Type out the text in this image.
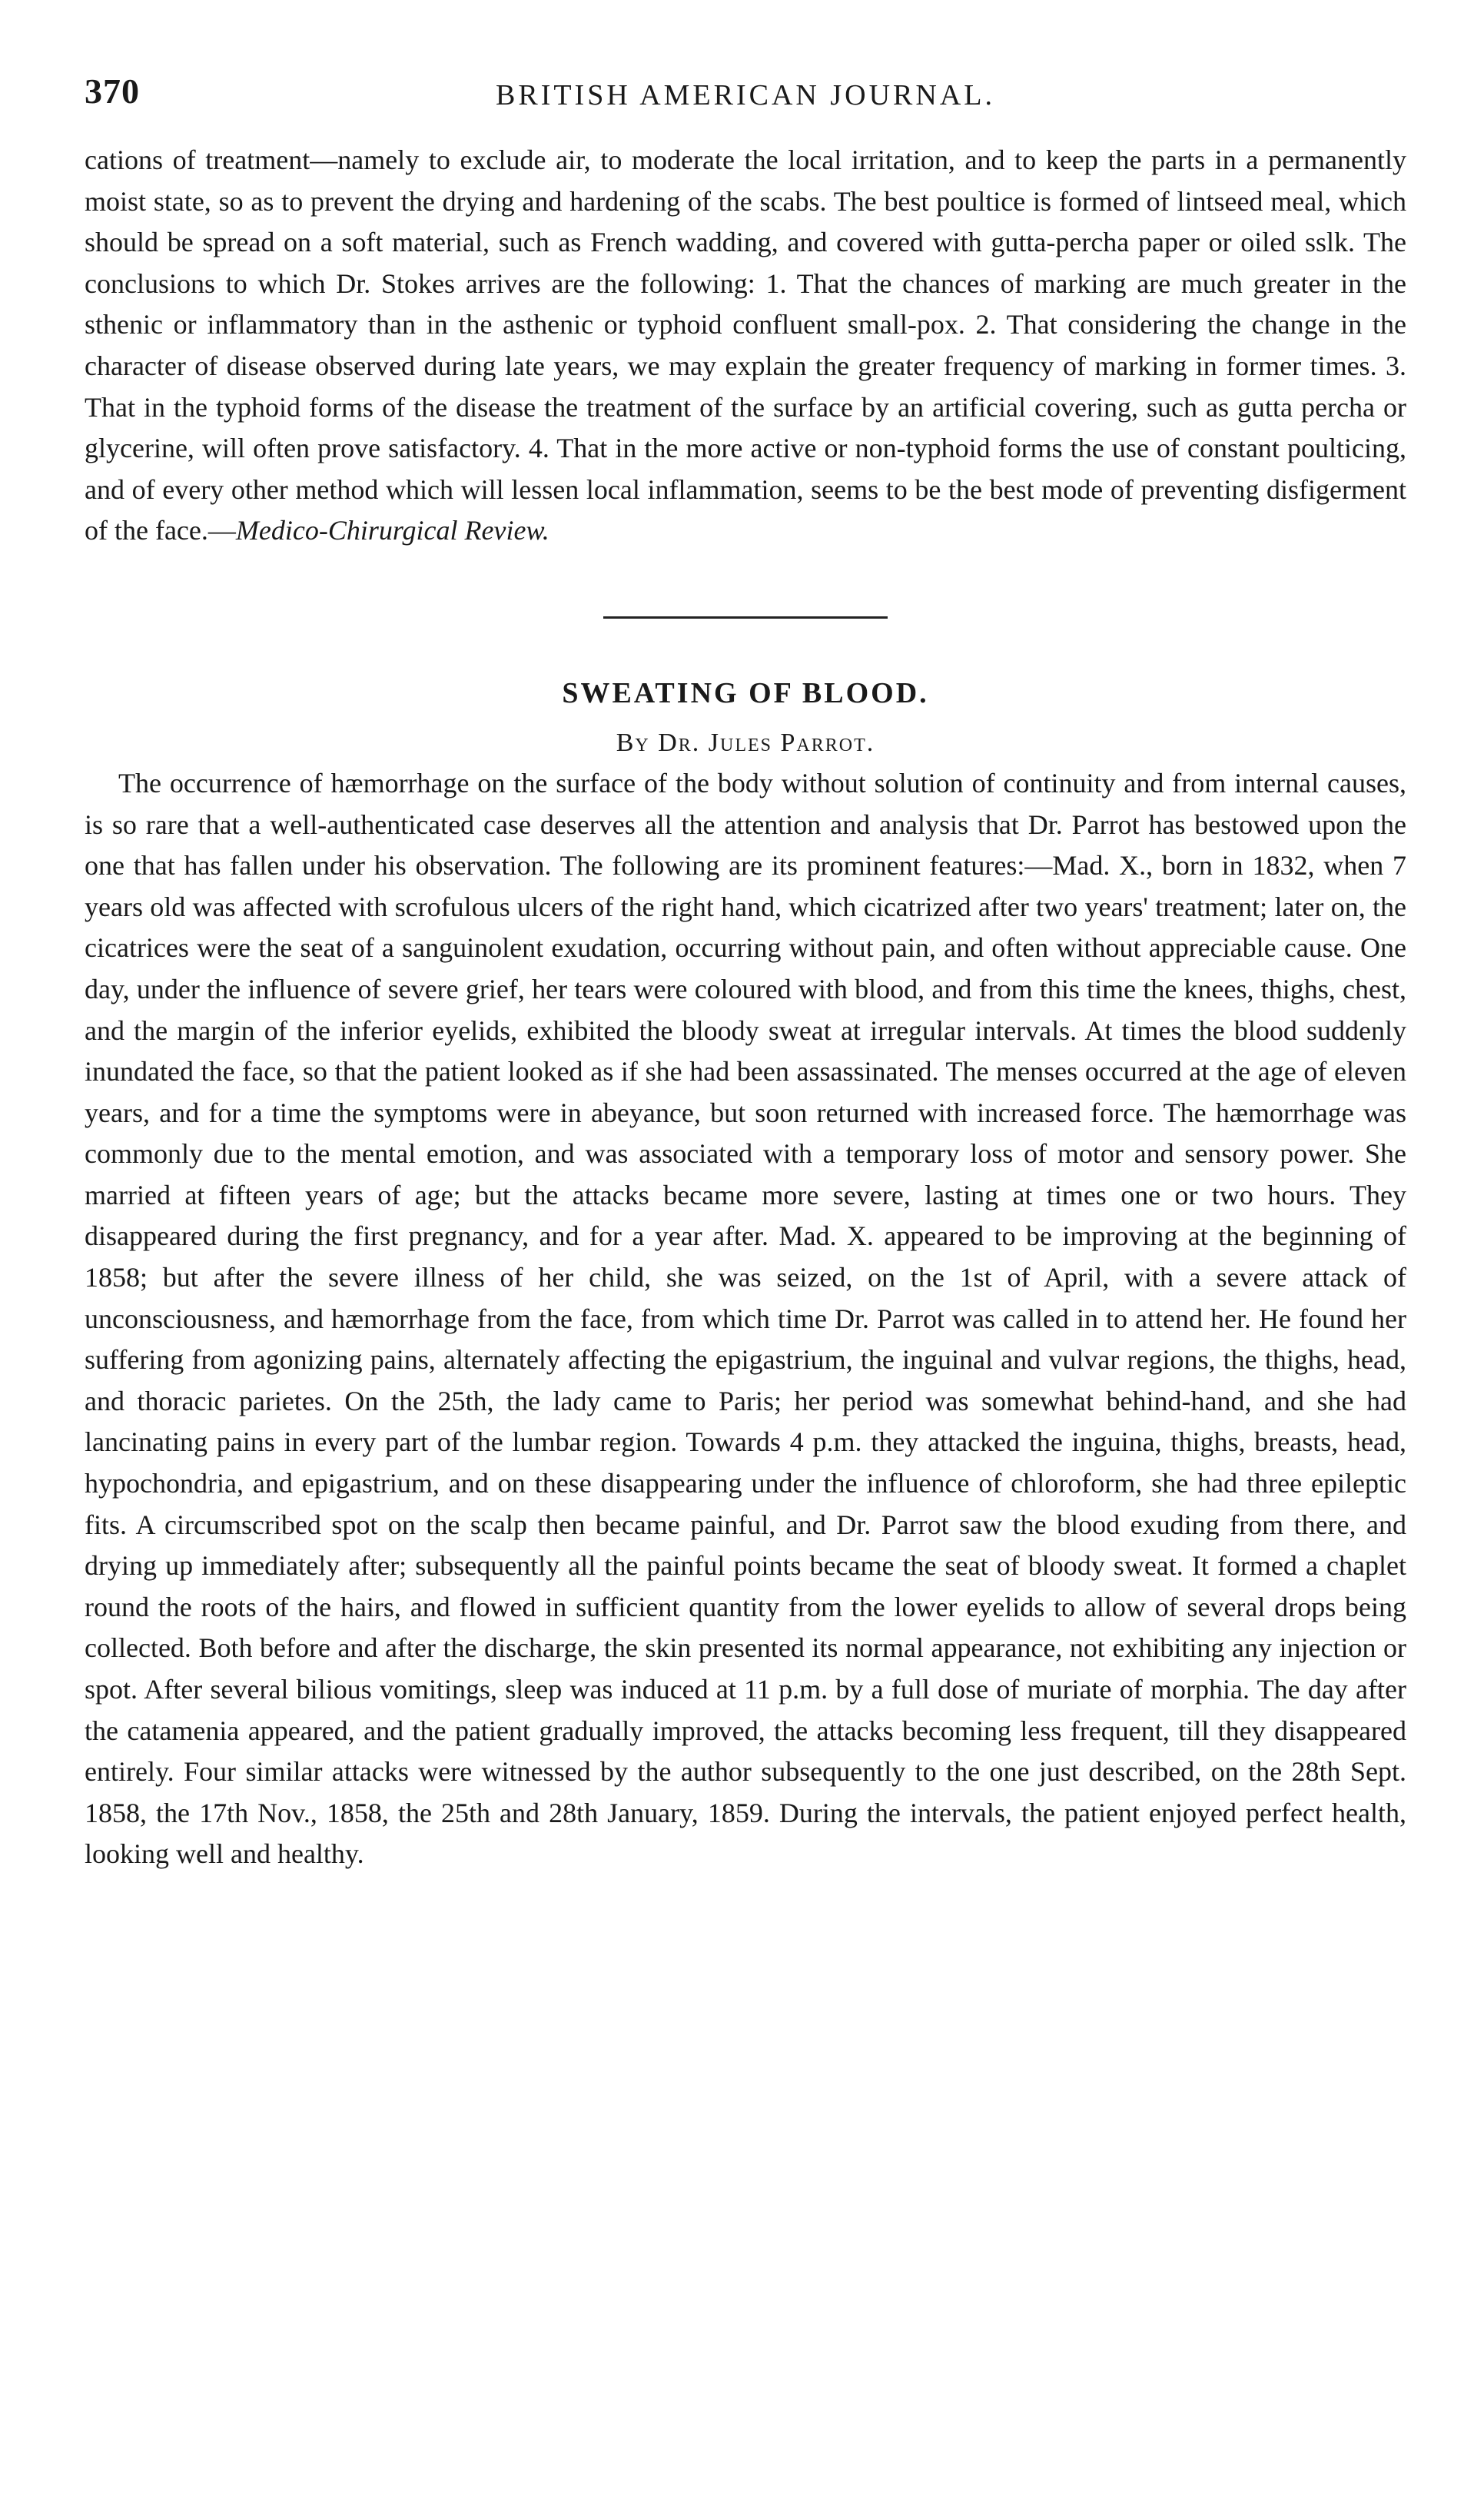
370	BRITISH AMERICAN JOURNAL.

cations of treatment—namely to exclude air, to moderate the local irritation, and to keep the parts in a permanently moist state, so as to prevent the drying and hardening of the scabs. The best poultice is formed of lintseed meal, which should be spread on a soft material, such as French wadding, and covered with gutta-percha paper or oiled sslk. The conclusions to which Dr. Stokes arrives are the following: 1. That the chances of marking are much greater in the sthenic or inflammatory than in the asthenic or typhoid confluent small-pox. 2. That considering the change in the character of disease observed during late years, we may explain the greater frequency of marking in former times. 3. That in the typhoid forms of the disease the treatment of the surface by an artificial covering, such as gutta percha or glycerine, will often prove satisfactory. 4. That in the more active or non-typhoid forms the use of constant poulticing, and of every other method which will lessen local inflammation, seems to be the best mode of preventing disfigerment of the face.—Medico-Chirurgical Review.

SWEATING OF BLOOD.
By Dr. Jules Parrot.

The occurrence of hæmorrhage on the surface of the body without solution of continuity and from internal causes, is so rare that a well-authenticated case deserves all the attention and analysis that Dr. Parrot has bestowed upon the one that has fallen under his observation. The following are its prominent features:—Mad. X., born in 1832, when 7 years old was affected with scrofulous ulcers of the right hand, which cicatrized after two years' treatment; later on, the cicatrices were the seat of a sanguinolent exudation, occurring without pain, and often without appreciable cause. One day, under the influence of severe grief, her tears were coloured with blood, and from this time the knees, thighs, chest, and the margin of the inferior eyelids, exhibited the bloody sweat at irregular intervals. At times the blood suddenly inundated the face, so that the patient looked as if she had been assassinated. The menses occurred at the age of eleven years, and for a time the symptoms were in abeyance, but soon returned with increased force. The hæmorrhage was commonly due to the mental emotion, and was associated with a temporary loss of motor and sensory power. She married at fifteen years of age; but the attacks became more severe, lasting at times one or two hours. They disappeared during the first pregnancy, and for a year after. Mad. X. appeared to be improving at the beginning of 1858; but after the severe illness of her child, she was seized, on the 1st of April, with a severe attack of unconsciousness, and hæmorrhage from the face, from which time Dr. Parrot was called in to attend her. He found her suffering from agonizing pains, alternately affecting the epigastrium, the inguinal and vulvar regions, the thighs, head, and thoracic parietes. On the 25th, the lady came to Paris; her period was somewhat behind-hand, and she had lancinating pains in every part of the lumbar region. Towards 4 p.m. they attacked the inguina, thighs, breasts, head, hypochondria, and epigastrium, and on these disappearing under the influence of chloroform, she had three epileptic fits. A circumscribed spot on the scalp then became painful, and Dr. Parrot saw the blood exuding from there, and drying up immediately after; subsequently all the painful points became the seat of bloody sweat. It formed a chaplet round the roots of the hairs, and flowed in sufficient quantity from the lower eyelids to allow of several drops being collected. Both before and after the discharge, the skin presented its normal appearance, not exhibiting any injection or spot. After several bilious vomitings, sleep was induced at 11 p.m. by a full dose of muriate of morphia. The day after the catamenia appeared, and the patient gradually improved, the attacks becoming less frequent, till they disappeared entirely. Four similar attacks were witnessed by the author subsequently to the one just described, on the 28th Sept. 1858, the 17th Nov., 1858, the 25th and 28th January, 1859. During the intervals, the patient enjoyed perfect health, looking well and healthy.
